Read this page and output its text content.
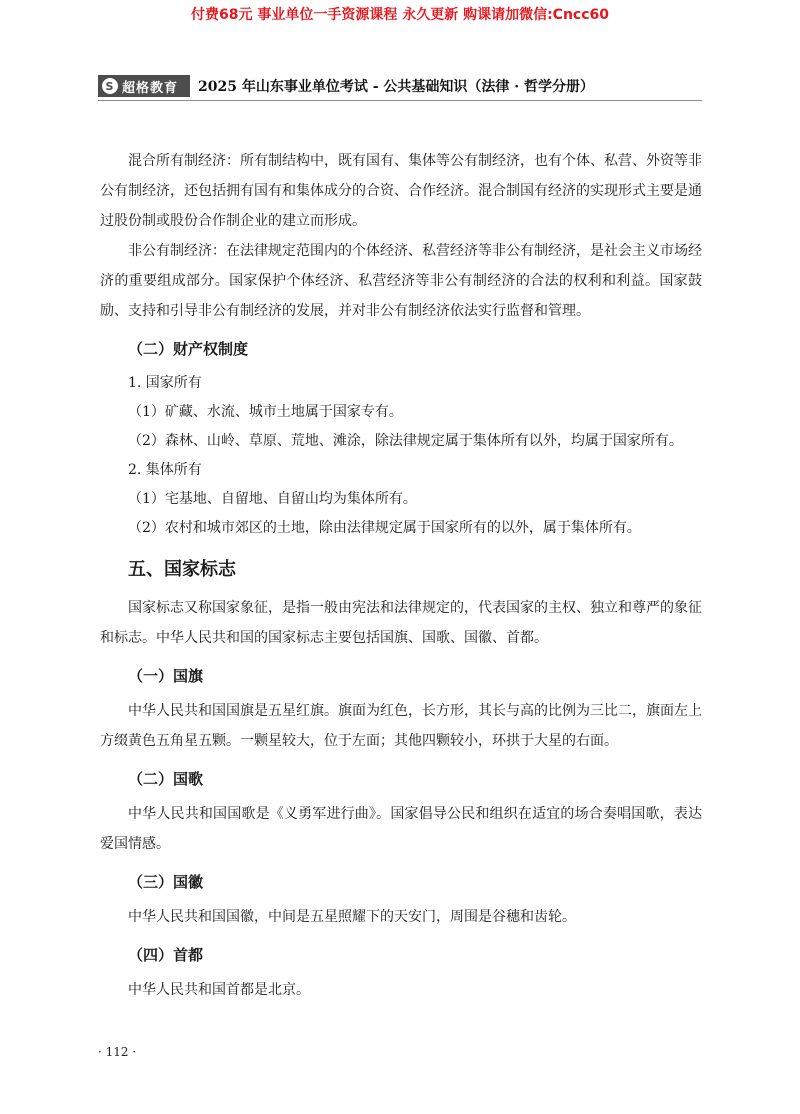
付费68元 事业单位一手资源课程 永久更新 购课请加微信:Cncc60
S 超格教育 2025 年山东事业单位考试 - 公共基础知识（法律 · 哲学分册）

混合所有制经济：所有制结构中，既有国有、集体等公有制经济，也有个体、私营、外资等非公有制经济，还包括拥有国有和集体成分的合资、合作经济。混合制国有经济的实现形式主要是通过股份制或股份合作制企业的建立而形成。

非公有制经济：在法律规定范围内的个体经济、私营经济等非公有制经济，是社会主义市场经济的重要组成部分。国家保护个体经济、私营经济等非公有制经济的合法的权利和利益。国家鼓励、支持和引导非公有制经济的发展，并对非公有制经济依法实行监督和管理。

（二）财产权制度

1. 国家所有

（1）矿藏、水流、城市土地属于国家专有。

（2）森林、山岭、草原、荒地、滩涂，除法律规定属于集体所有以外，均属于国家所有。

2. 集体所有

（1）宅基地、自留地、自留山均为集体所有。

（2）农村和城市郊区的土地，除由法律规定属于国家所有的以外，属于集体所有。

五、国家标志

国家标志又称国家象征，是指一般由宪法和法律规定的，代表国家的主权、独立和尊严的象征和标志。中华人民共和国的国家标志主要包括国旗、国歌、国徽、首都。

（一）国旗

中华人民共和国国旗是五星红旗。旗面为红色，长方形，其长与高的比例为三比二，旗面左上方缀黄色五角星五颗。一颗星较大，位于左面；其他四颗较小，环拱于大星的右面。

（二）国歌

中华人民共和国国歌是《义勇军进行曲》。国家倡导公民和组织在适宜的场合奏唱国歌，表达爱国情感。

（三）国徽

中华人民共和国国徽，中间是五星照耀下的天安门，周围是谷穗和齿轮。

（四）首都

中华人民共和国首都是北京。

· 112 ·
